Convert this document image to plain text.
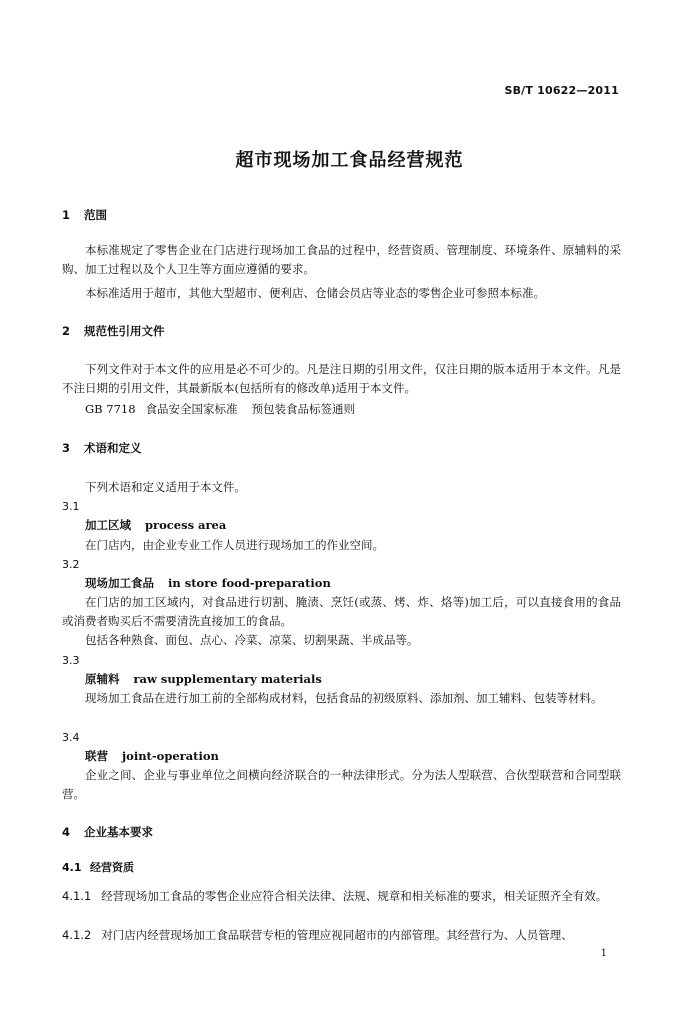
SB/T 10622—2011

超市现场加工食品经营规范
1 范围

本标准规定了零售企业在门店进行现场加工食品的过程中，经营资质、管理制度、环境条件、原辅料的采购、加工过程以及个人卫生等方面应遵循的要求。

本标准适用于超市，其他大型超市、便利店、仓储会员店等业态的零售企业可参照本标准。

2 规范性引用文件

下列文件对于本文件的应用是必不可少的。凡是注日期的引用文件，仅注日期的版本适用于本文件。凡是不注日期的引用文件，其最新版本(包括所有的修改单)适用于本文件。

GB 7718 食品安全国家标准 预包装食品标签通则
3 术语和定义

下列术语和定义适用于本文件。

3.1
加工区域 process area

在门店内，由企业专业工作人员进行现场加工的作业空间。

3.2
现场加工食品 in store food-preparation

在门店的加工区域内，对食品进行切割、腌渍、烹饪(或蒸、烤、炸、烙等)加工后，可以直接食用的食品或消费者购买后不需要清洗直接加工的食品。

包括各种熟食、面包、点心、冷菜、凉菜、切割果蔬、半成品等。

3.3
原辅料 raw supplementary materials

现场加工食品在进行加工前的全部构成材料，包括食品的初级原料、添加剂、加工辅料、包装等材料。

3.4
联营 joint-operation

企业之间、企业与事业单位之间横向经济联合的一种法律形式。分为法人型联营、合伙型联营和合同型联营。

4 企业基本要求
4.1 经营资质
4.1.1 经营现场加工食品的零售企业应符合相关法律、法规、规章和相关标准的要求，相关证照齐全有效。
4.1.2 对门店内经营现场加工食品联营专柜的管理应视同超市的内部管理。其经营行为、人员管理、

1
